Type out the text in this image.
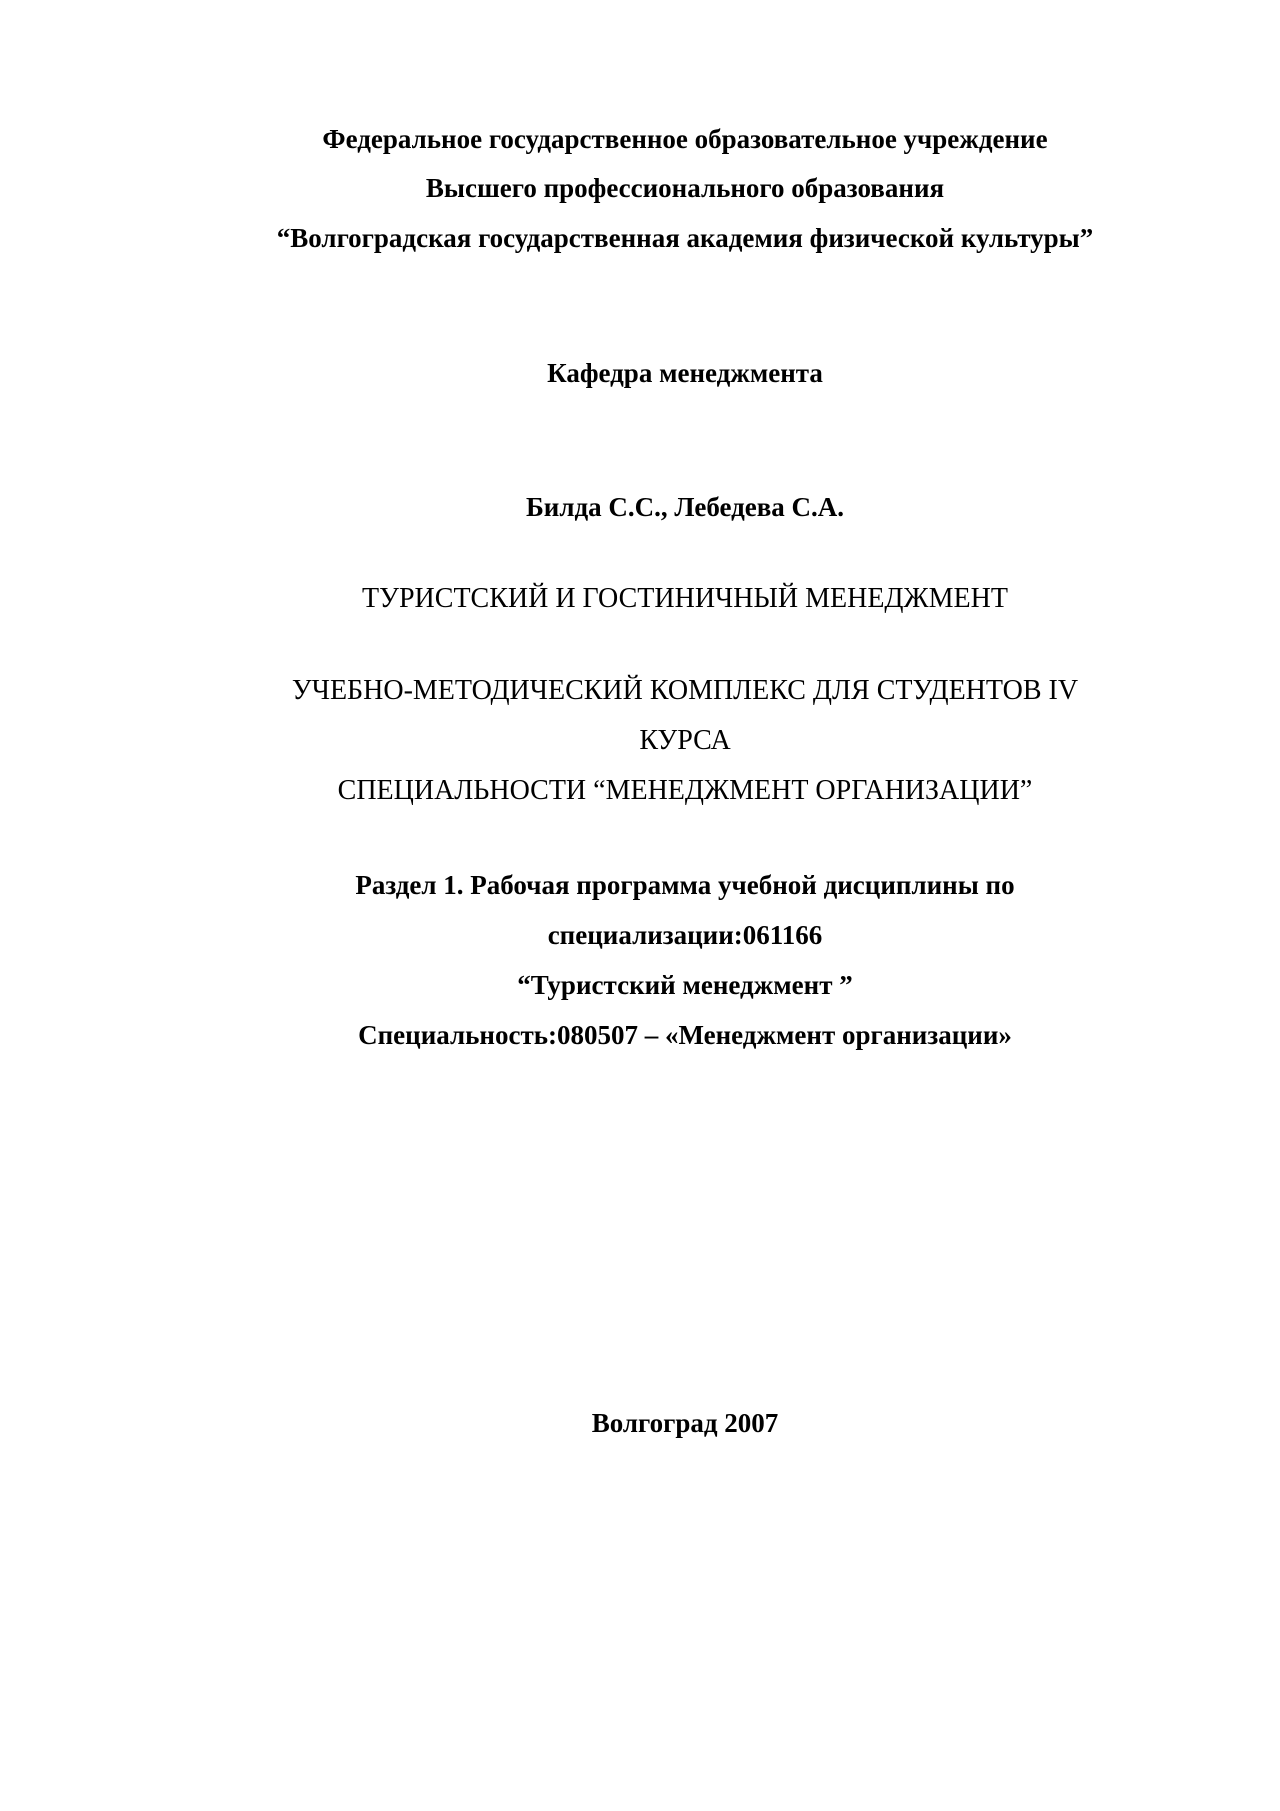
Федеральное государственное образовательное учреждение
Высшего профессионального образования
“Волгоградская государственная академия физической культуры”
Кафедра менеджмента
Билда С.С., Лебедева С.А.
ТУРИСТСКИЙ И ГОСТИНИЧНЫЙ МЕНЕДЖМЕНТ
УЧЕБНО-МЕТОДИЧЕСКИЙ КОМПЛЕКС ДЛЯ СТУДЕНТОВ IV
КУРСА
СПЕЦИАЛЬНОСТИ “МЕНЕДЖМЕНТ ОРГАНИЗАЦИИ”
Раздел 1. Рабочая программа учебной дисциплины по
специализации:061166
“Туристский менеджмент ”
Специальность:080507 – «Менеджмент организации»
Волгоград 2007
